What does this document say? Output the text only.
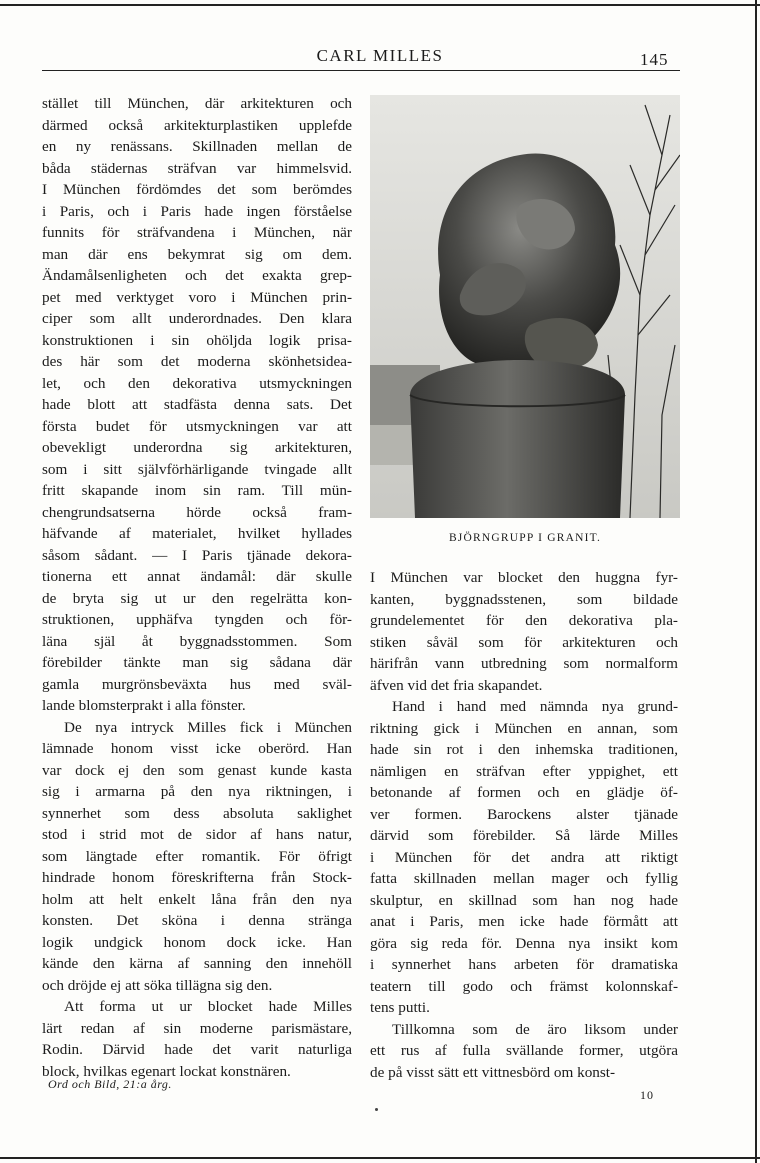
CARL MILLES	145
stället till München, där arkitekturen och
därmed också arkitekturplastiken upplefde
en ny renässans. Skillnaden mellan de
båda städernas sträfvan var himmelsvid.
I München fördömdes det som berömdes
i Paris, och i Paris hade ingen förståelse
funnits för sträfvandena i München, när
man där ens bekymrat sig om dem.
Ändamålsenligheten och det exakta grep-
pet med verktyget voro i München prin-
ciper som allt underordnades. Den klara
konstruktionen i sin ohöljda logik prisa-
des här som det moderna skönhetsidea-
let, och den dekorativa utsmyckningen
hade blott att stadfästa denna sats. Det
första budet för utsmyckningen var att
obevekligt underordna sig arkitekturen,
som i sitt självförhärligande tvingade allt
fritt skapande inom sin ram. Till mün-
chengrundsatserna hörde också fram-
häfvande af materialet, hvilket hyllades
såsom sådant. — I Paris tjänade dekora-
tionerna ett annat ändamål: där skulle
de bryta sig ut ur den regelrätta kon-
struktionen, upphäfva tyngden och för-
läna själ åt byggnadsstommen. Som
förebilder tänkte man sig sådana där
gamla murgrönsbeväxta hus med sväl-
lande blomsterprakt i alla fönster.
De nya intryck Milles fick i München
lämnade honom visst icke oberörd. Han
var dock ej den som genast kunde kasta
sig i armarna på den nya riktningen, i
synnerhet som dess absoluta saklighet
stod i strid mot de sidor af hans natur,
som längtade efter romantik. För öfrigt
hindrade honom föreskrifterna från Stock-
holm att helt enkelt låna från den nya
konsten. Det sköna i denna stränga
logik undgick honom dock icke. Han
kände den kärna af sanning den innehöll
och dröjde ej att söka tillägna sig den.
Att forma ut ur blocket hade Milles
lärt redan af sin moderne parismästare,
Rodin. Därvid hade det varit naturliga
block, hvilkas egenart lockat konstnären.
BJÖRNGRUPP I GRANIT.
I München var blocket den huggna fyr-
kanten, byggnadsstenen, som bildade
grundelementet för den dekorativa pla-
stiken såväl som för arkitekturen och
härifrån vann utbredning som normalform
äfven vid det fria skapandet.
Hand i hand med nämnda nya grund-
riktning gick i München en annan, som
hade sin rot i den inhemska traditionen,
nämligen en sträfvan efter yppighet, ett
betonande af formen och en glädje öf-
ver formen. Barockens alster tjänade
därvid som förebilder. Så lärde Milles
i München för det andra att riktigt
fatta skillnaden mellan mager och fyllig
skulptur, en skillnad som han nog hade
anat i Paris, men icke hade förmått att
göra sig reda för. Denna nya insikt kom
i synnerhet hans arbeten för dramatiska
teatern till godo och främst kolonnskaf-
tens putti.
Tillkomna som de äro liksom under
ett rus af fulla svällande former, utgöra
de på visst sätt ett vittnesbörd om konst-
Ord och Bild, 21:a årg.
10
